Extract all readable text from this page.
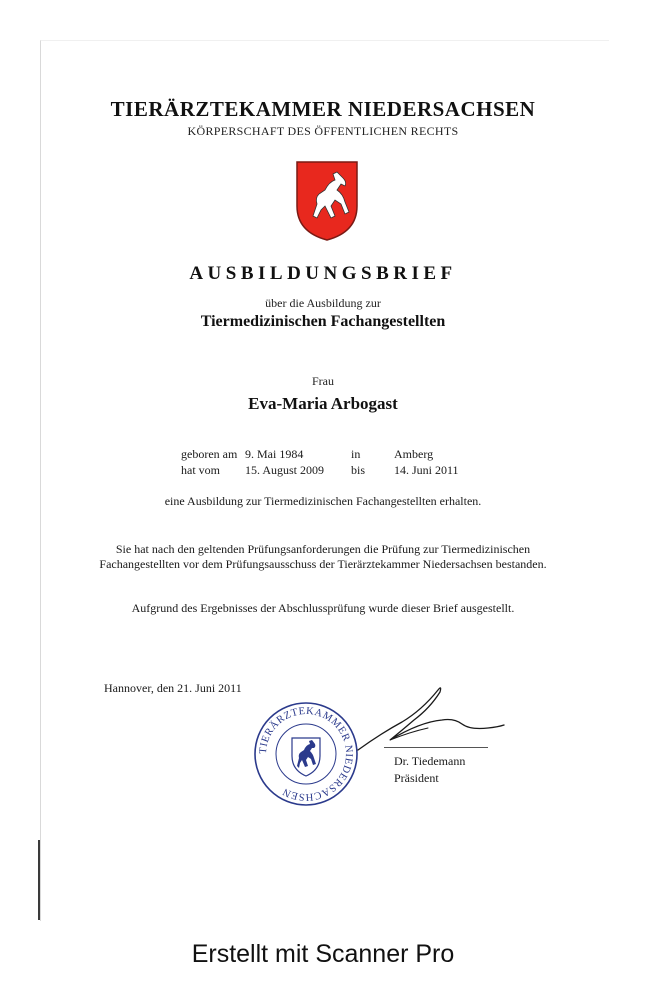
TIERÄRZTEKAMMER NIEDERSACHSEN
KÖRPERSCHAFT DES ÖFFENTLICHEN RECHTS
AUSBILDUNGSBRIEF
über die Ausbildung zur
Tiermedizinischen Fachangestellten
Frau
Eva-Maria Arbogast
geboren am 9. Mai 1984	in	Amberg
hat vom 15. August 2009 bis 14. Juni 2011
eine Ausbildung zur Tiermedizinischen Fachangestellten erhalten.
Sie hat nach den geltenden Prüfungsanforderungen die Prüfung zur Tiermedizinischen
Fachangestellten vor dem Prüfungsausschuss der Tierärztekammer Niedersachsen bestanden.
Aufgrund des Ergebnisses der Abschlussprüfung wurde dieser Brief ausgestellt.
Hannover, den 21. Juni 2011
TIERÄRZTEKAMMER NIEDERSACHSEN
Dr. Tiedemann
Präsident
Erstellt mit Scanner Pro
